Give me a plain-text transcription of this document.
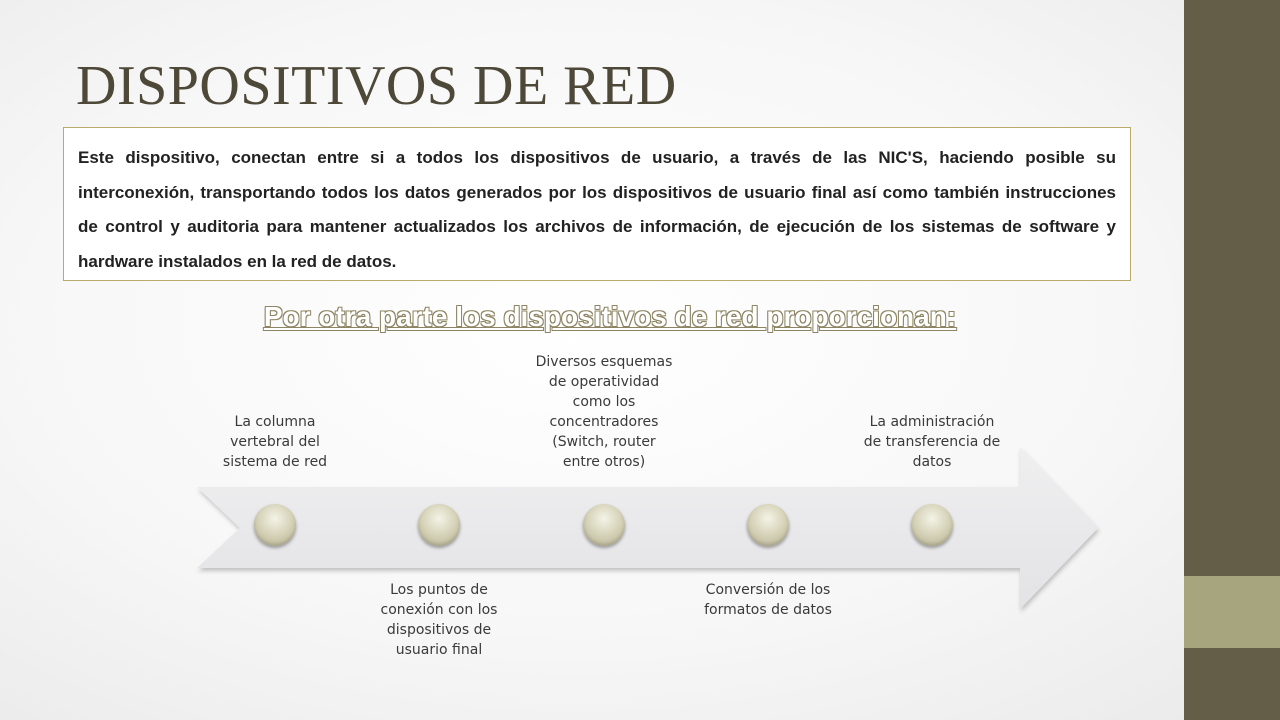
DISPOSITIVOS DE RED
Este dispositivo, conectan entre si a todos los dispositivos de usuario, a través de las NIC'S, haciendo posible su interconexión, transportando todos los datos generados por los dispositivos de usuario final así como también instrucciones de control y auditoria para mantener actualizados los archivos de información, de ejecución de los sistemas de software y hardware instalados en la red de datos.
Por otra parte los dispositivos de red proporcionan:
La columna vertebral del sistema de red
Los puntos de conexión con los dispositivos de usuario final
Diversos esquemas de operatividad como los concentradores (Switch, router entre otros)
Conversión de los formatos de datos
La administración de transferencia de datos
